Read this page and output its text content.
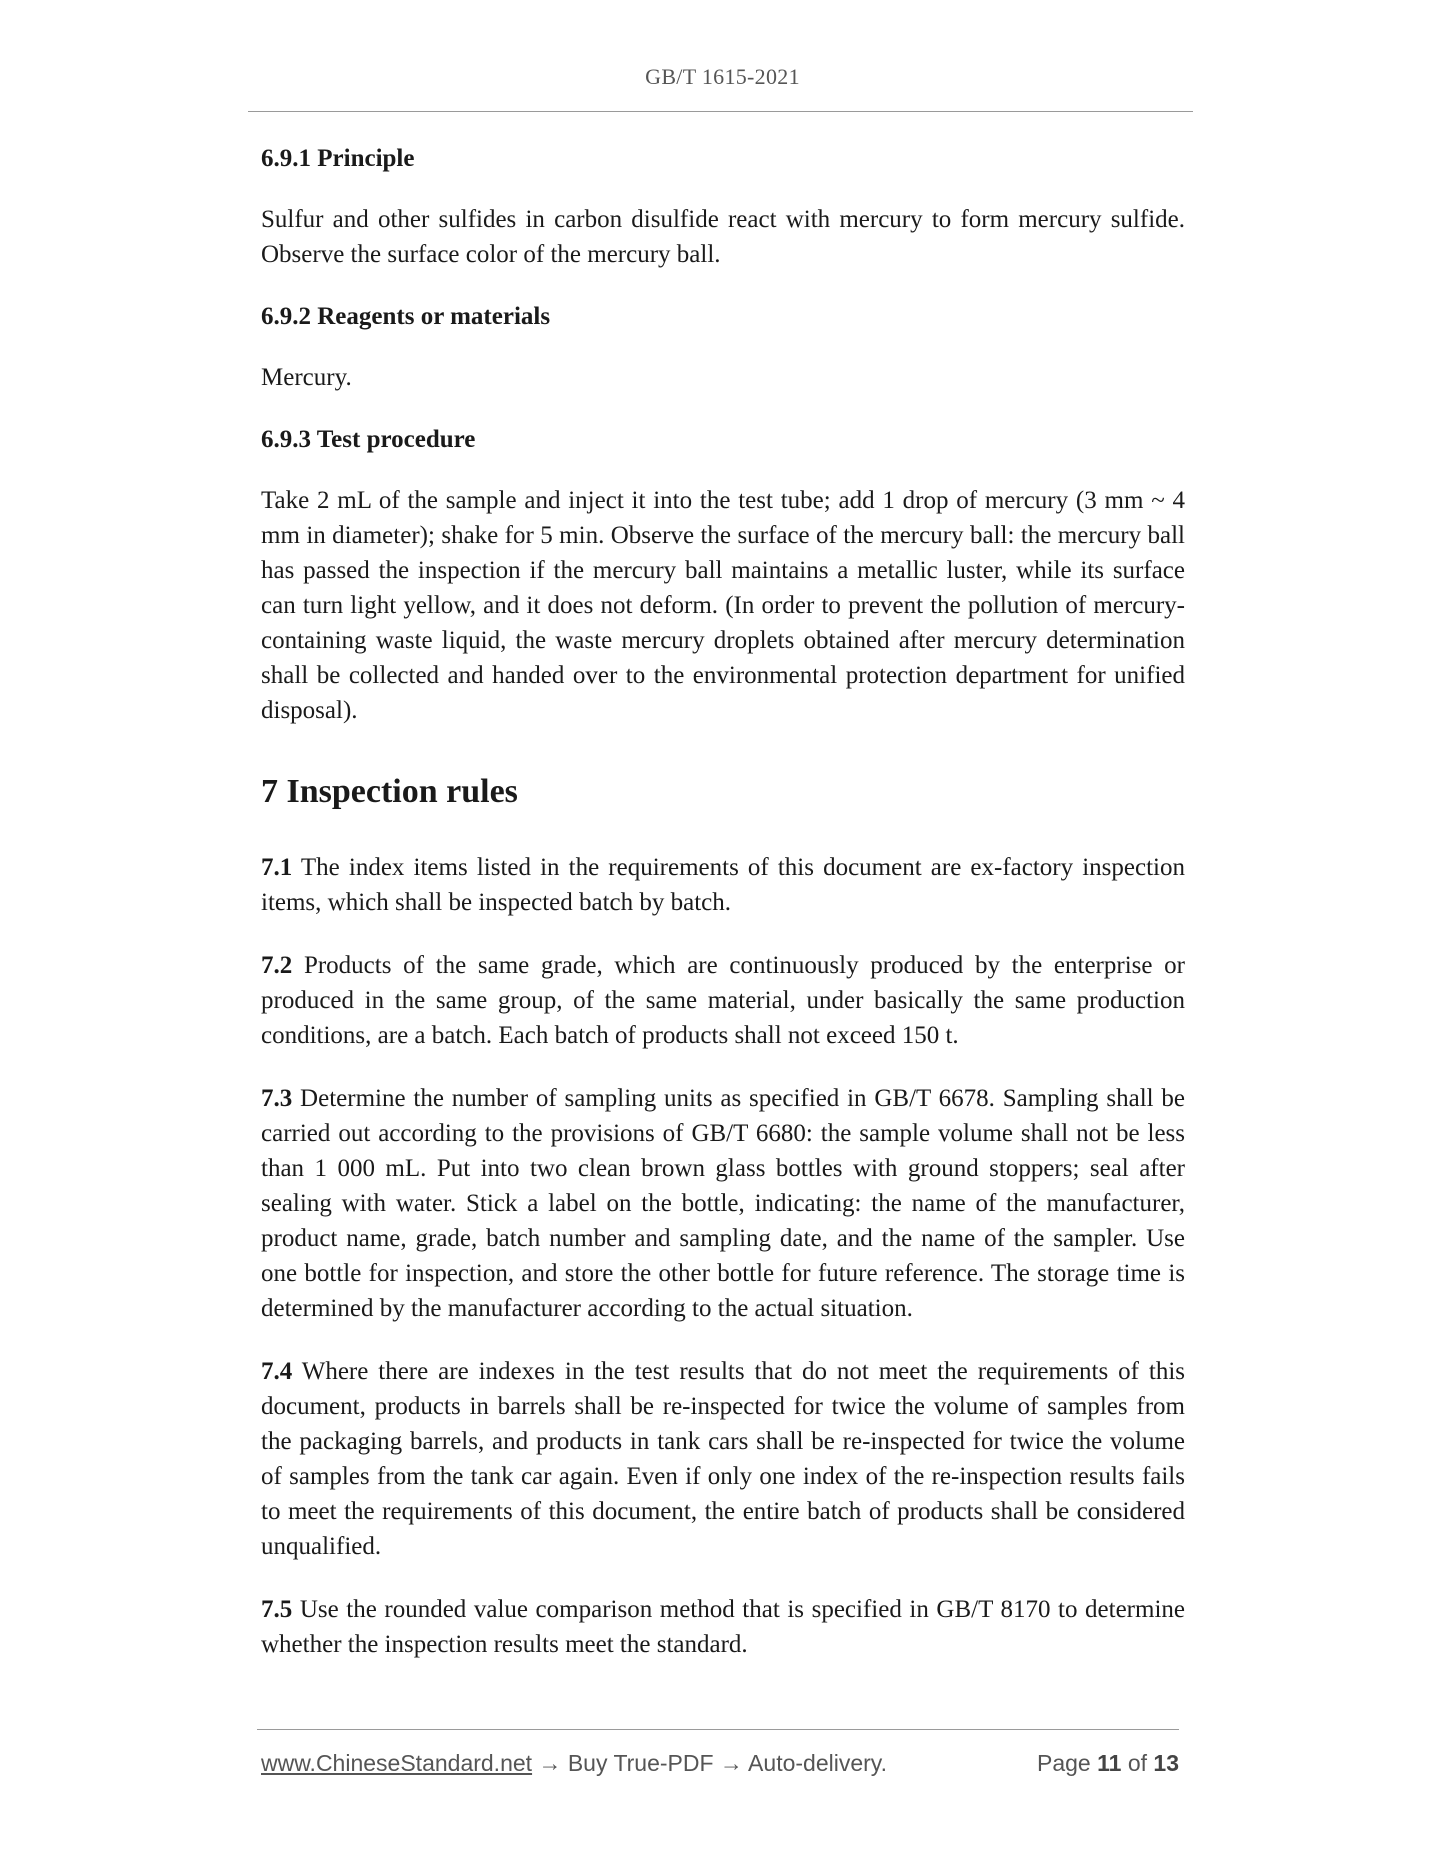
GB/T 1615-2021

6.9.1 Principle

Sulfur and other sulfides in carbon disulfide react with mercury to form mercury sulfide. Observe the surface color of the mercury ball.

6.9.2 Reagents or materials

Mercury.

6.9.3 Test procedure

Take 2 mL of the sample and inject it into the test tube; add 1 drop of mercury (3 mm ~ 4 mm in diameter); shake for 5 min. Observe the surface of the mercury ball: the mercury ball has passed the inspection if the mercury ball maintains a metallic luster, while its surface can turn light yellow, and it does not deform. (In order to prevent the pollution of mercury-containing waste liquid, the waste mercury droplets obtained after mercury determination shall be collected and handed over to the environmental protection department for unified disposal).

7 Inspection rules

7.1 The index items listed in the requirements of this document are ex-factory inspection items, which shall be inspected batch by batch.

7.2 Products of the same grade, which are continuously produced by the enterprise or produced in the same group, of the same material, under basically the same production conditions, are a batch. Each batch of products shall not exceed 150 t.

7.3 Determine the number of sampling units as specified in GB/T 6678. Sampling shall be carried out according to the provisions of GB/T 6680: the sample volume shall not be less than 1 000 mL. Put into two clean brown glass bottles with ground stoppers; seal after sealing with water. Stick a label on the bottle, indicating: the name of the manufacturer, product name, grade, batch number and sampling date, and the name of the sampler. Use one bottle for inspection, and store the other bottle for future reference. The storage time is determined by the manufacturer according to the actual situation.

7.4 Where there are indexes in the test results that do not meet the requirements of this document, products in barrels shall be re-inspected for twice the volume of samples from the packaging barrels, and products in tank cars shall be re-inspected for twice the volume of samples from the tank car again. Even if only one index of the re-inspection results fails to meet the requirements of this document, the entire batch of products shall be considered unqualified.

7.5 Use the rounded value comparison method that is specified in GB/T 8170 to determine whether the inspection results meet the standard.

www.ChineseStandard.net → Buy True-PDF → Auto-delivery.	Page 11 of 13
